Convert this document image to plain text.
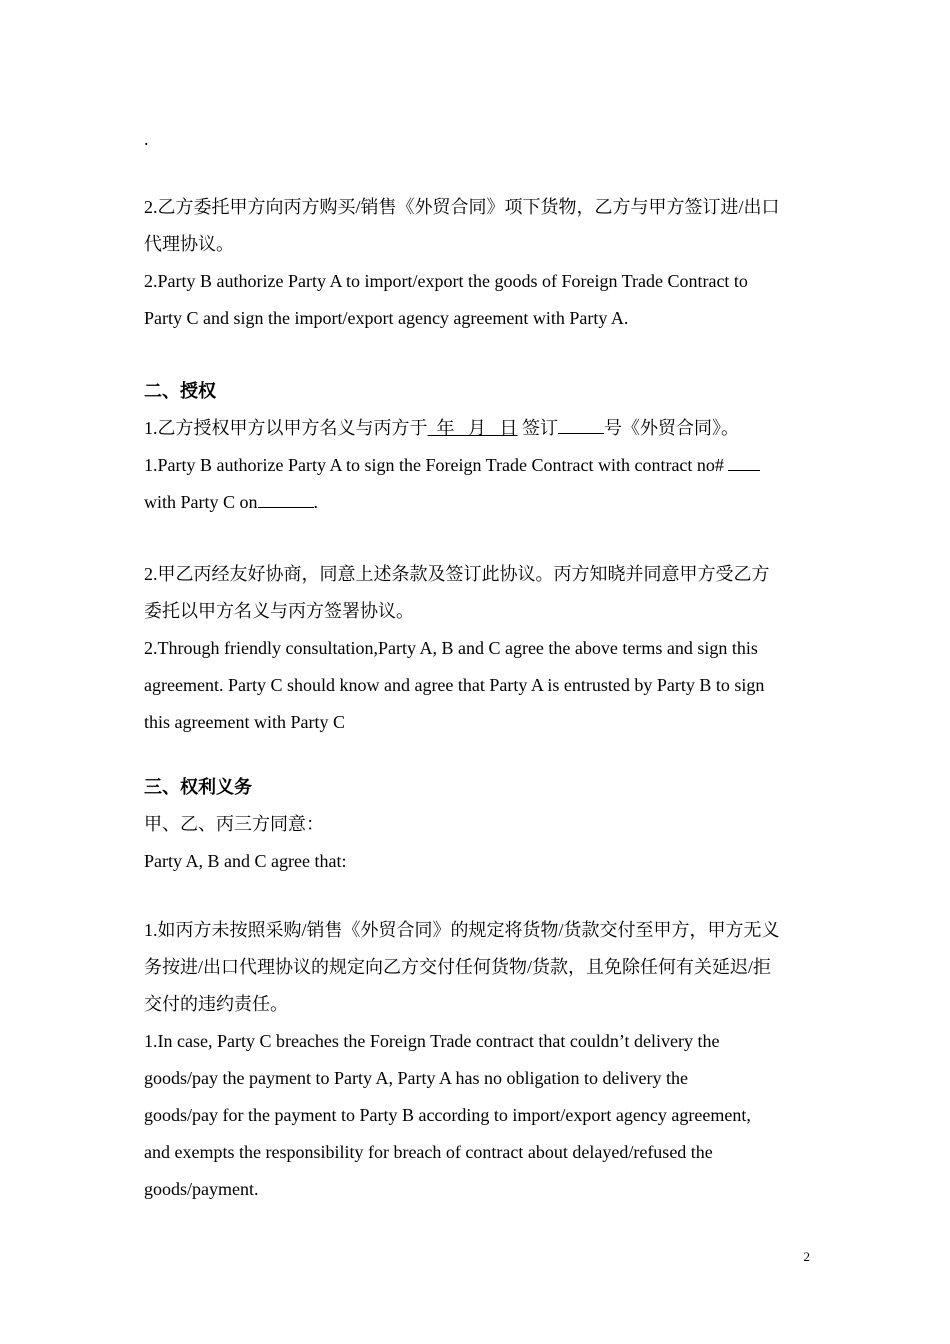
.
2.乙方委托甲方向丙方购买/销售《外贸合同》项下货物，乙方与甲方签订进/出口
代理协议。
2.Party B authorize Party A to import/export the goods of Foreign Trade Contract to
Party C and sign the import/export agency agreement with Party A.
二、授权
1.乙方授权甲方以甲方名义与丙方于  年   月   日 签订	号《外贸合同》。
1.Party B authorize Party A to sign the Foreign Trade Contract with contract no#
with Party C on	.
2.甲乙丙经友好协商，同意上述条款及签订此协议。丙方知晓并同意甲方受乙方
委托以甲方名义与丙方签署协议。
2.Through friendly consultation,Party A, B and C agree the above terms and sign this
agreement. Party C should know and agree that Party A is entrusted by Party B to sign
this agreement with Party C
三、权利义务
甲、乙、丙三方同意：
Party A, B and C agree that:
1.如丙方未按照采购/销售《外贸合同》的规定将货物/货款交付至甲方，甲方无义
务按进/出口代理协议的规定向乙方交付任何货物/货款，且免除任何有关延迟/拒
交付的违约责任。
1.In case, Party C breaches the Foreign Trade contract that couldn’t delivery the
goods/pay the payment to Party A, Party A has no obligation to delivery the
goods/pay for the payment to Party B according to import/export agency agreement,
and exempts the responsibility for breach of contract about delayed/refused the
goods/payment.
2
